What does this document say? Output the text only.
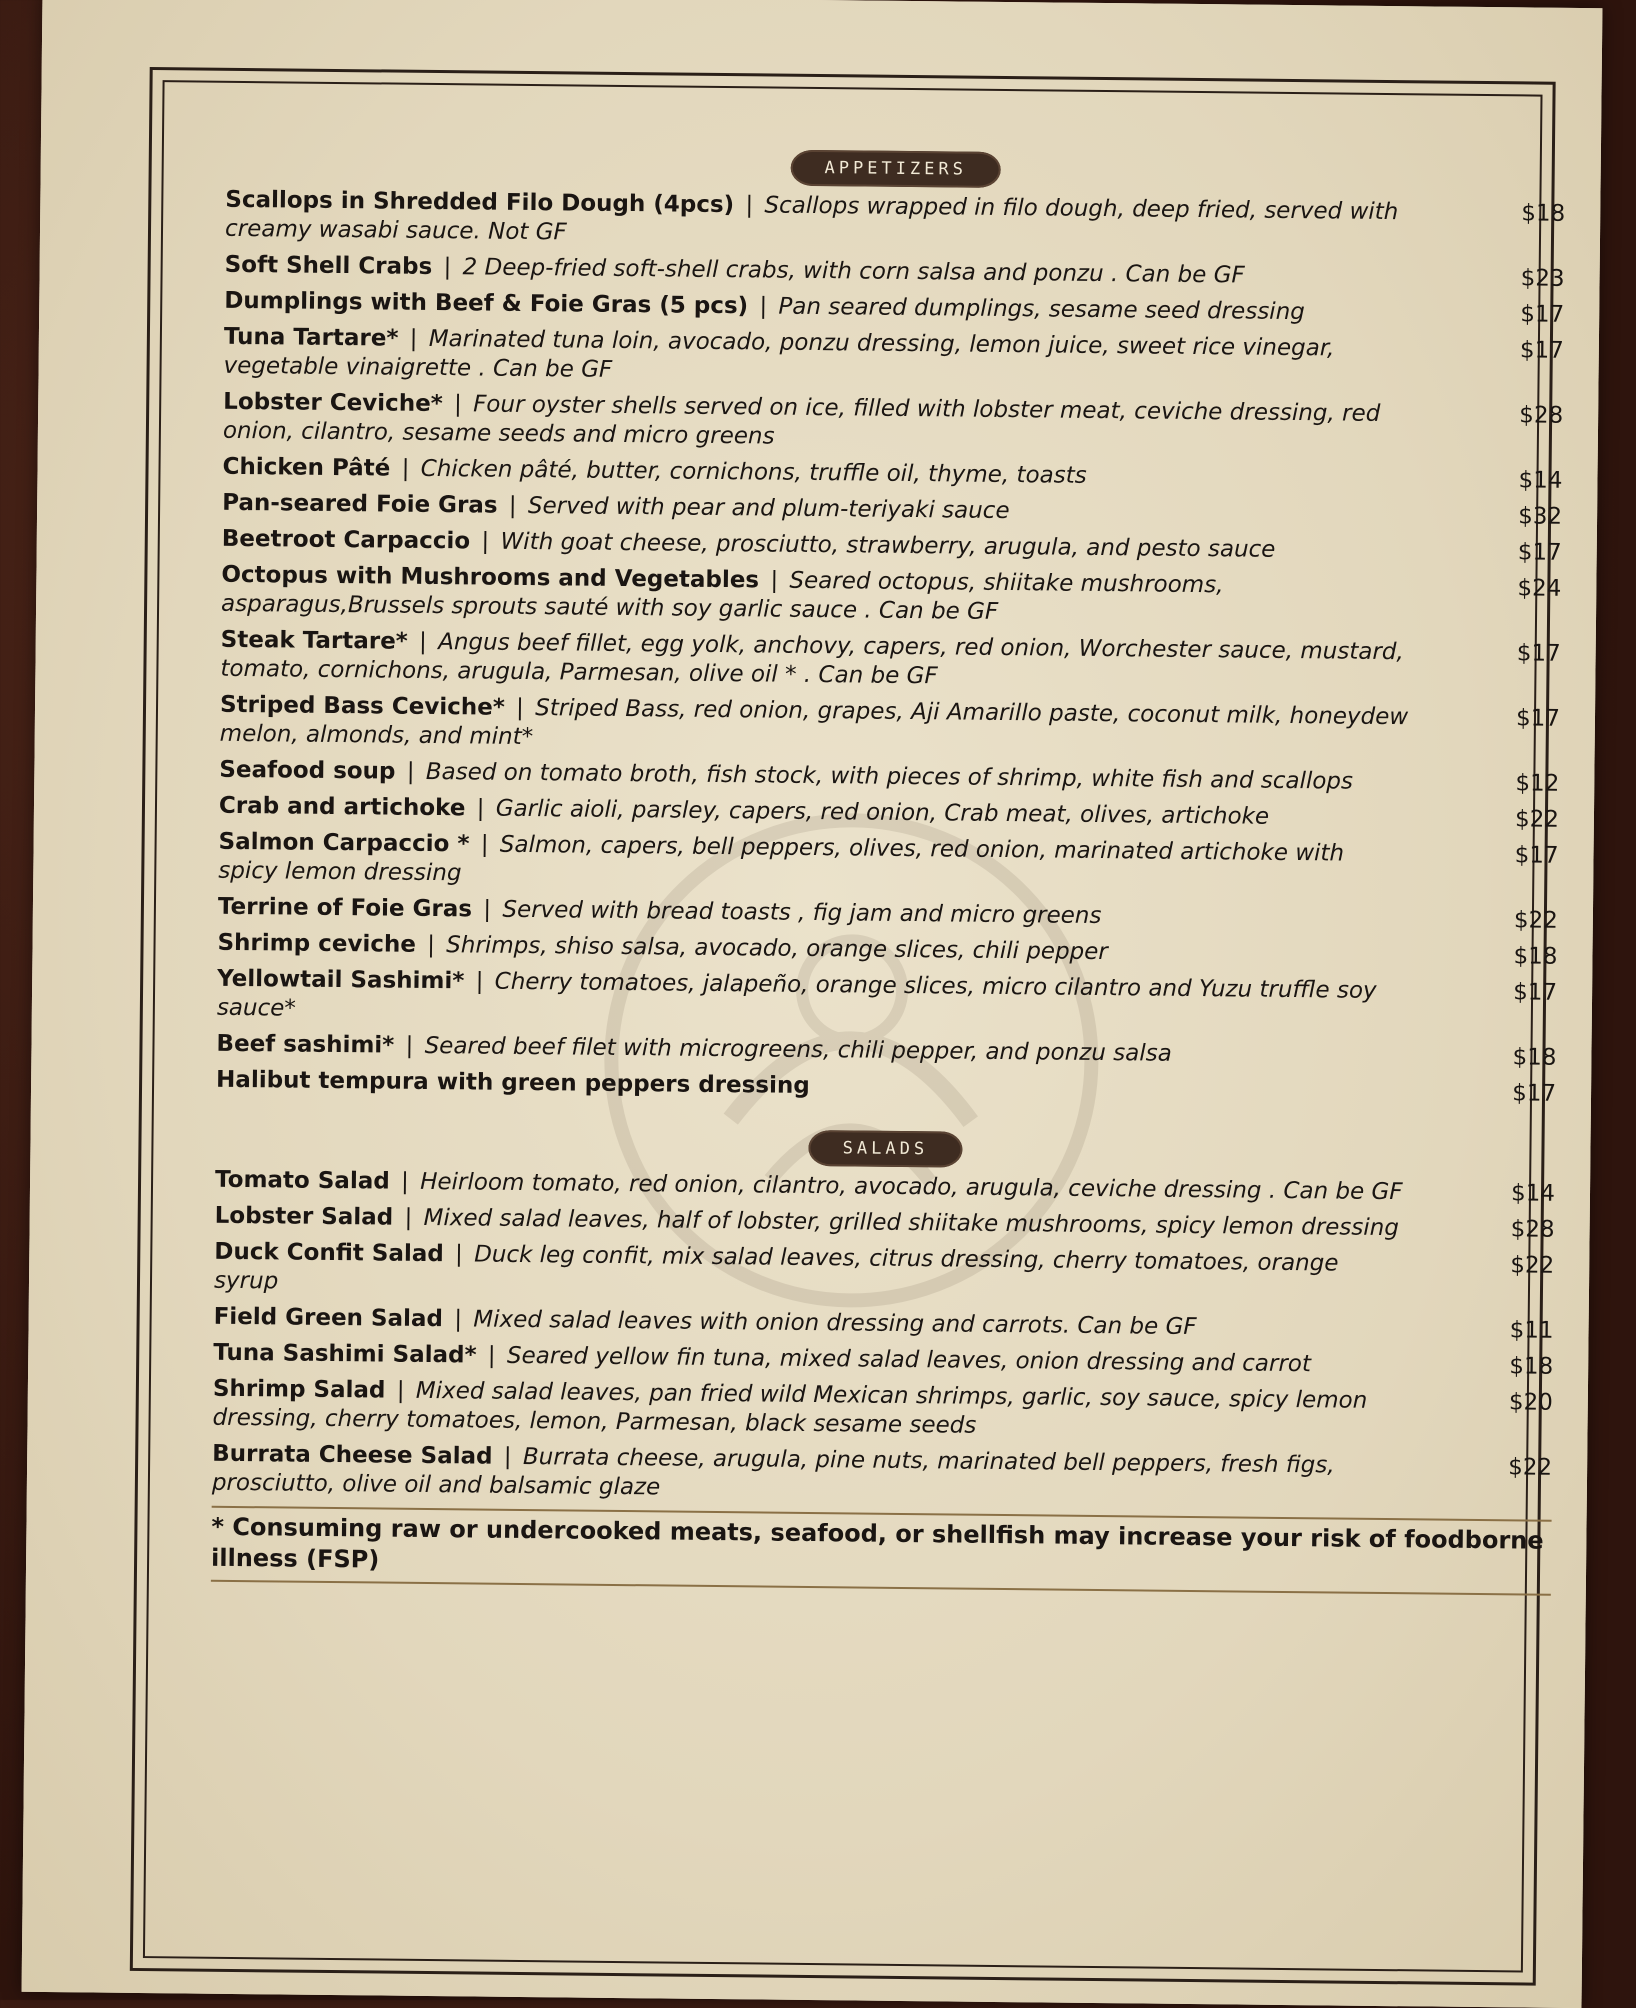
APPETIZERS
Scallops in Shredded Filo Dough (4pcs) | Scallops wrapped in filo dough, deep fried, served with creamy wasabi sauce. Not GF
$18
Soft Shell Crabs | 2 Deep-fried soft-shell crabs, with corn salsa and ponzu . Can be GF	$23
Dumplings with Beef & Foie Gras (5 pcs) | Pan seared dumplings, sesame seed dressing	$17
Tuna Tartare* | Marinated tuna loin, avocado, ponzu dressing, lemon juice, sweet rice vinegar, vegetable vinaigrette . Can be GF
$17
Lobster Ceviche* | Four oyster shells served on ice, filled with lobster meat, ceviche dressing, red onion, cilantro, sesame seeds and micro greens
$28
Chicken Pâté | Chicken pâté, butter, cornichons, truffle oil, thyme, toasts	$14
Pan-seared Foie Gras | Served with pear and plum-teriyaki sauce	$32
Beetroot Carpaccio | With goat cheese, prosciutto, strawberry, arugula, and pesto sauce	$17
Octopus with Mushrooms and Vegetables | Seared octopus, shiitake mushrooms, asparagus,Brussels sprouts sauté with soy garlic sauce . Can be GF
$24
Steak Tartare* | Angus beef fillet, egg yolk, anchovy, capers, red onion, Worchester sauce, mustard, tomato, cornichons, arugula, Parmesan, olive oil * . Can be GF
$17
Striped Bass Ceviche* | Striped Bass, red onion, grapes, Aji Amarillo paste, coconut milk, honeydew melon, almonds, and mint*
$17
Seafood soup | Based on tomato broth, fish stock, with pieces of shrimp, white fish and scallops	$12
Crab and artichoke | Garlic aioli, parsley, capers, red onion, Crab meat, olives, artichoke	$22
Salmon Carpaccio * | Salmon, capers, bell peppers, olives, red onion, marinated artichoke with spicy lemon dressing
$17
Terrine of Foie Gras | Served with bread toasts , fig jam and micro greens	$22
Shrimp ceviche | Shrimps, shiso salsa, avocado, orange slices, chili pepper	$18
Yellowtail Sashimi* | Cherry tomatoes, jalapeño, orange slices, micro cilantro and Yuzu truffle soy sauce*
$17
Beef sashimi* | Seared beef filet with microgreens, chili pepper, and ponzu salsa	$18
Halibut tempura with green peppers dressing	$17
SALADS
Tomato Salad | Heirloom tomato, red onion, cilantro, avocado, arugula, ceviche dressing . Can be GF	$14
Lobster Salad | Mixed salad leaves, half of lobster, grilled shiitake mushrooms, spicy lemon dressing	$28
Duck Confit Salad | Duck leg confit, mix salad leaves, citrus dressing, cherry tomatoes, orange syrup
$22
Field Green Salad | Mixed salad leaves with onion dressing and carrots. Can be GF	$11
Tuna Sashimi Salad* | Seared yellow fin tuna, mixed salad leaves, onion dressing and carrot	$18
Shrimp Salad | Mixed salad leaves, pan fried wild Mexican shrimps, garlic, soy sauce, spicy lemon dressing, cherry tomatoes, lemon, Parmesan, black sesame seeds
$20
Burrata Cheese Salad | Burrata cheese, arugula, pine nuts, marinated bell peppers, fresh figs, prosciutto, olive oil and balsamic glaze
$22
* Consuming raw or undercooked meats, seafood, or shellfish may increase your risk of foodborne illness (FSP)
